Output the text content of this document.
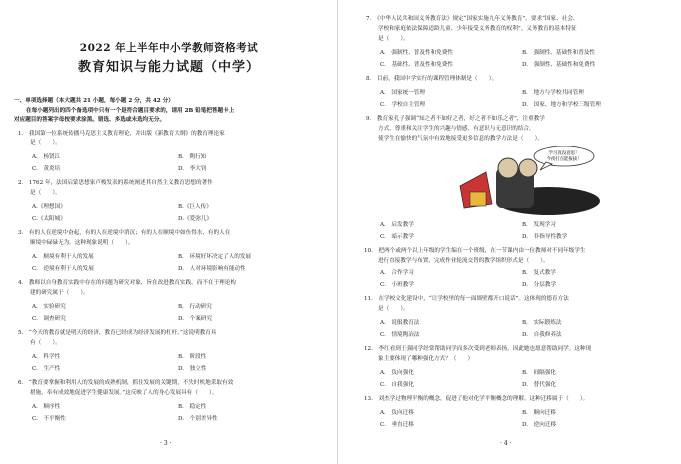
2022 年上半年中小学教师资格考试
教育知识与能力试题（中学）
一、单项选择题（本大题共 21 小题，每小题 2 分，共 42 分）
在每小题列出的四个备选项中只有一个是符合题目要求的，请用 2B 铅笔把答题卡上
对应题目的答案字母按要求涂黑。错选、多选或未选均无分。
1.　我国第一位系统传播马克思主义教育理论，并出版《新教育大纲》的教育理论家
是（　　）。
A.　杨贤江	B.　陶行知
C.　黄炎培	D.　李大钊
2.　1762 年，法国启蒙思想家卢梭发表的系统阐述其自然主义教育思想的著作
是（　　）。
A.《理想国》	B.《巨人传》
C.《太阳城》	D.《爱弥儿》
3.　有的人在逆境中奋起，有的人在逆境中消沉；有的人在顺境中如鱼得水，有的人在
顺境中碌碌无为。这种现象说明（　　）。
A.　顺境有利于人的发展	B.　环境好坏决定了人的发展
C.　逆境有利于人的发展	D.　人对环境影响有能动性
4.　教师以自身教育实践中存在的问题为研究对象，旨在改进教育实践，而不在于理论构
建的研究属于（　　）。
A.　实验研究	B.　行动研究
C.　调查研究	D.　个案研究
5.　“今天的教育就是明天的经济，教育已经成为经济发展的杠杆。”这说明教育具
有（　　）。
A.　科学性	B.　阶段性
C.　生产性	D.　独立性
6.　“教育要掌握和利用人的发展的成熟机制，抓住发展的关键期，不失时机地采取有效
措施，奉有成效地促进学生健康发展。”这反映了人的身心发展具有（　　）。
A.　顺序性	B.　稳定性
C.　不平衡性	D.　个别差异性
· 3 ·
7.　《中华人民共和国义务教育法》规定“国家实施九年义务教育”，要求“国家、社会、
学校和家庭依法保障适龄儿童、少年接受义务教育的权利”。义务教育的基本特征
是（　　）。
A.　强制性、普及性和免费性	B.　强制性、基础性和普及性
C.　基础性、普及性和免费性	D.　强制性、基础性和免费性
8.　目前，我国中学实行的课程管理体制是（　　）。
A.　国家统一管理	B.　地方与学校共同管理
C.　学校自主管理	D.　国家、地方和学校三级管理
9.　教育家孔子强调“知之者不如好之者，好之者不如乐之者”，注重教学
方式，尊重和关注学生的兴趣与情感，有意识与无意识的结合，
使学生在愉快的气氛中有效地接受更多信息的教学方法是（　　）。
学习真没意思！
今夜打点能拔拔！
A.　启发教学	B.　发现学习
C.　暗示教学	D.　非指导性教学
10.　把两个或两个以上年级的学生编在一个班级，在一节课内由一位教师对不同年级学生
进行直接教学与布置、完成作业轮流交替的教学组织形式是（　　）。
A.　合作学习	B.　复式教学
C.　小班教学	D.　分层教学
11.　在学校文化建设中，“让学校里的每一面墙壁都开口说话”。这体现的德育方法
是（　　）。
A.　说服教育法	B.　实际锻炼法
C.　情境陶冶法	D.　自我修养法
12.　李红看到王强同学经常帮助同学而多次受到老师表扬，因此她也愿意帮助同学。这种现
象主要体现了哪种强化方式？（　　）
A.　负向强化	B.　间隔强化
C.　自我强化	D.　替代强化
13.　刘杰学过物理平衡的概念，促进了他对化学平衡概念的理解。这种迁移属于（　　）。
A.　负向迁移	B.　顺向迁移
C.　垂直迁移	D.　逆向迁移
· 4 ·
